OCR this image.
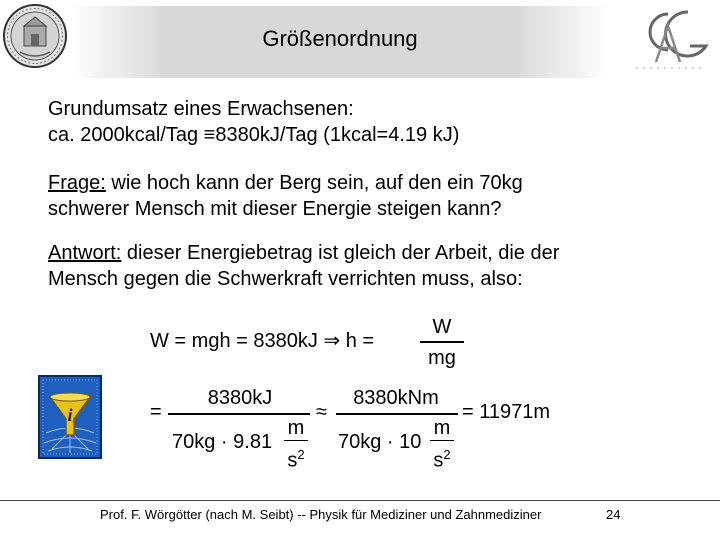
Größenordnung
Grundumsatz eines Erwachsenen:
ca. 2000kcal/Tag ≡8380kJ/Tag (1kcal=4.19 kJ)
Frage: wie hoch kann der Berg sein, auf den ein 70kg
schwerer Mensch mit dieser Energie steigen kann?
Antwort: dieser Energiebetrag ist gleich der Arbeit, die der
Mensch gegen die Schwerkraft verrichten muss, also:
i
W = mgh = 8380kJ ⇒ h =
W
mg
=
8380kJ
70kg · 9.81
m
$s^2$
≈
8380kNm
70kg · 10
m
$s^2$
= 11971m
Prof. F. Wörgötter (nach M. Seibt) -- Physik für Mediziner und Zahnmediziner	24
